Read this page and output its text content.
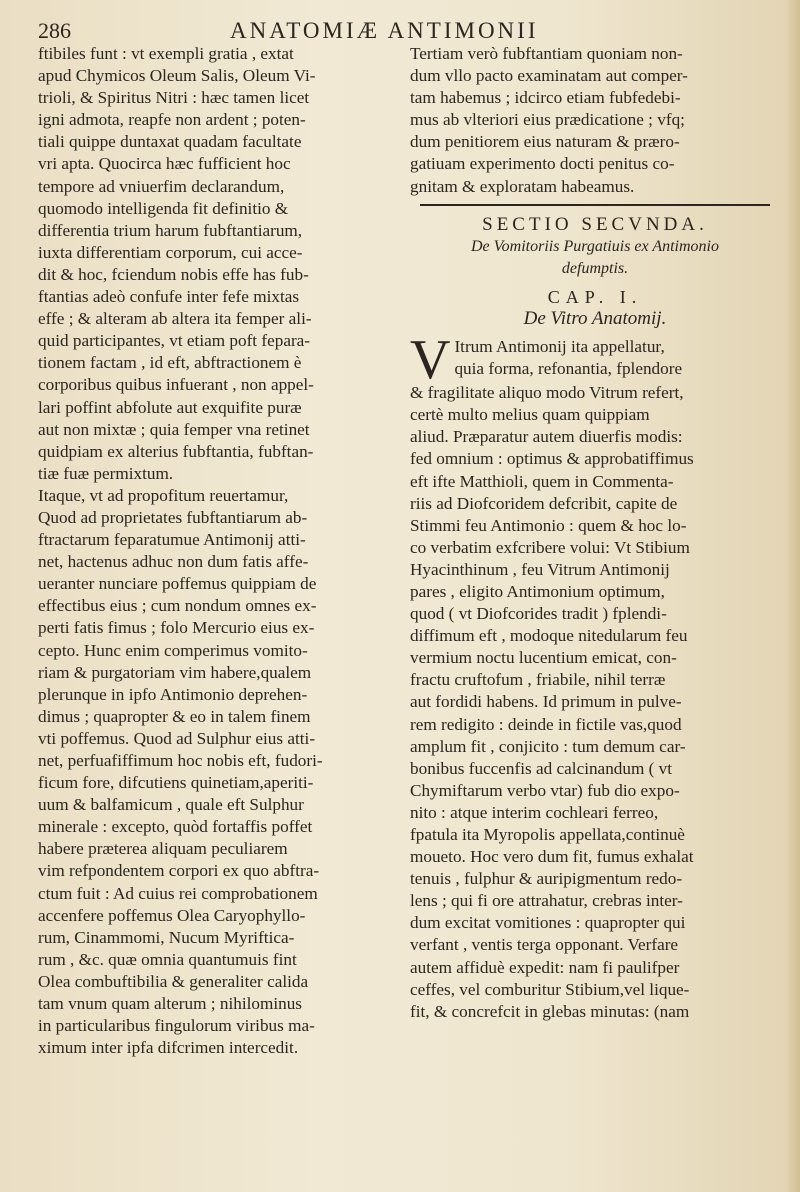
286	ANATOMIÆ ANTIMONII
ftibiles funt : vt exempli gratia , extat
apud Chymicos Oleum Salis, Oleum Vi-
trioli, & Spiritus Nitri : hæc tamen licet
igni admota, reapfe non ardent ; poten-
tiali quippe duntaxat quadam facultate
vri apta. Quocirca hæc fufficient hoc
tempore ad vniuerfim declarandum,
quomodo intelligenda fit definitio &
differentia trium harum fubftantiarum,
iuxta differentiam corporum, cui acce-
dit & hoc, fciendum nobis effe has fub-
ftantias adeò confufe inter fefe mixtas
effe ; & alteram ab altera ita femper ali-
quid participantes, vt etiam poft fepara-
tionem factam , id eft, abftractionem è
corporibus quibus infuerant , non appel-
lari poffint abfolute aut exquifite puræ
aut non mixtæ ; quia femper vna retinet
quidpiam ex alterius fubftantia, fubftan-
tiæ fuæ permixtum.
Itaque, vt ad propofitum reuertamur,
Quod ad proprietates fubftantiarum ab-
ftractarum feparatumue Antimonij atti-
net, hactenus adhuc non dum fatis affe-
ueranter nunciare poffemus quippiam de
effectibus eius ; cum nondum omnes ex-
perti fatis fimus ; folo Mercurio eius ex-
cepto. Hunc enim comperimus vomito-
riam & purgatoriam vim habere,qualem
plerunque in ipfo Antimonio deprehen-
dimus ; quapropter & eo in talem finem
vti poffemus. Quod ad Sulphur eius atti-
net, perfuafiffimum hoc nobis eft, fudori-
ficum fore, difcutiens quinetiam,aperiti-
uum & balfamicum , quale eft Sulphur
minerale : excepto, quòd fortaffis poffet
habere præterea aliquam peculiarem
vim refpondentem corpori ex quo abftra-
ctum fuit : Ad cuius rei comprobationem
accenfere poffemus Olea Caryophyllo-
rum, Cinammomi, Nucum Myrifticа-
rum , &c. quæ omnia quantumuis fint
Olea combuftibilia & generaliter calida
tam vnum quam alterum ; nihilominus
in particularibus fingulorum viribus ma-
ximum inter ipfa difcrimen intercedit.
Tertiam verò fubftantiam quoniam non-
dum vllo pacto examinatam aut comper-
tam habemus ; idcirco etiam fubfedebi-
mus ab vlteriori eius prædicatione ; vfq;
dum penitiorem eius naturam & præro-
gatiuam experimento docti penitus co-
gnitam & exploratam habeamus.
SECTIO SECVNDA.
De Vomitoriis Purgatiuis ex Antimonio
defumptis.
CAP. I.
De Vitro Anatomij.
V Itrum Antimonij ita appellatur,
quia forma, refonantia, fplendore
& fragilitate aliquo modo Vitrum refert,
certè multo melius quam quippiam
aliud. Præparatur autem diuerfis modis:
fed omnium : optimus & approbatiffimus
eft ifte Matthioli, quem in Commenta-
riis ad Diofcoridem defcribit, capite de
Stimmi feu Antimonio : quem & hoc lo-
co verbatim exfcribere volui: Vt Stibium
Hyacinthinum , feu Vitrum Antimonij
pares , eligito Antimonium optimum,
quod ( vt Diofcorides tradit ) fplendi-
diffimum eft , modoque nitedularum feu
vermium noctu lucentium emicat, con-
fractu cruftofum , friabile, nihil terræ
aut fordidi habens. Id primum in pulve-
rem redigito : deinde in fictile vas,quod
amplum fit , conjicito : tum demum car-
bonibus fuccenfis ad calcinandum ( vt
Chymiftarum verbo vtar) fub dio expo-
nito : atque interim cochleari ferreo,
fpatula ita Myropolis appellata,continuè
moueto. Hoc vero dum fit, fumus exhalat
tenuis , fulphur & auripigmentum redo-
lens ; qui fi ore attrahatur, crebras inter-
dum excitat vomitiones : quapropter qui
verfant , ventis terga opponant. Verfare
autem affiduè expedit: nam fi paulifper
ceffes, vel comburitur Stibium,vel lique-
fit, & concrefcit in glebas minutas: (nam
